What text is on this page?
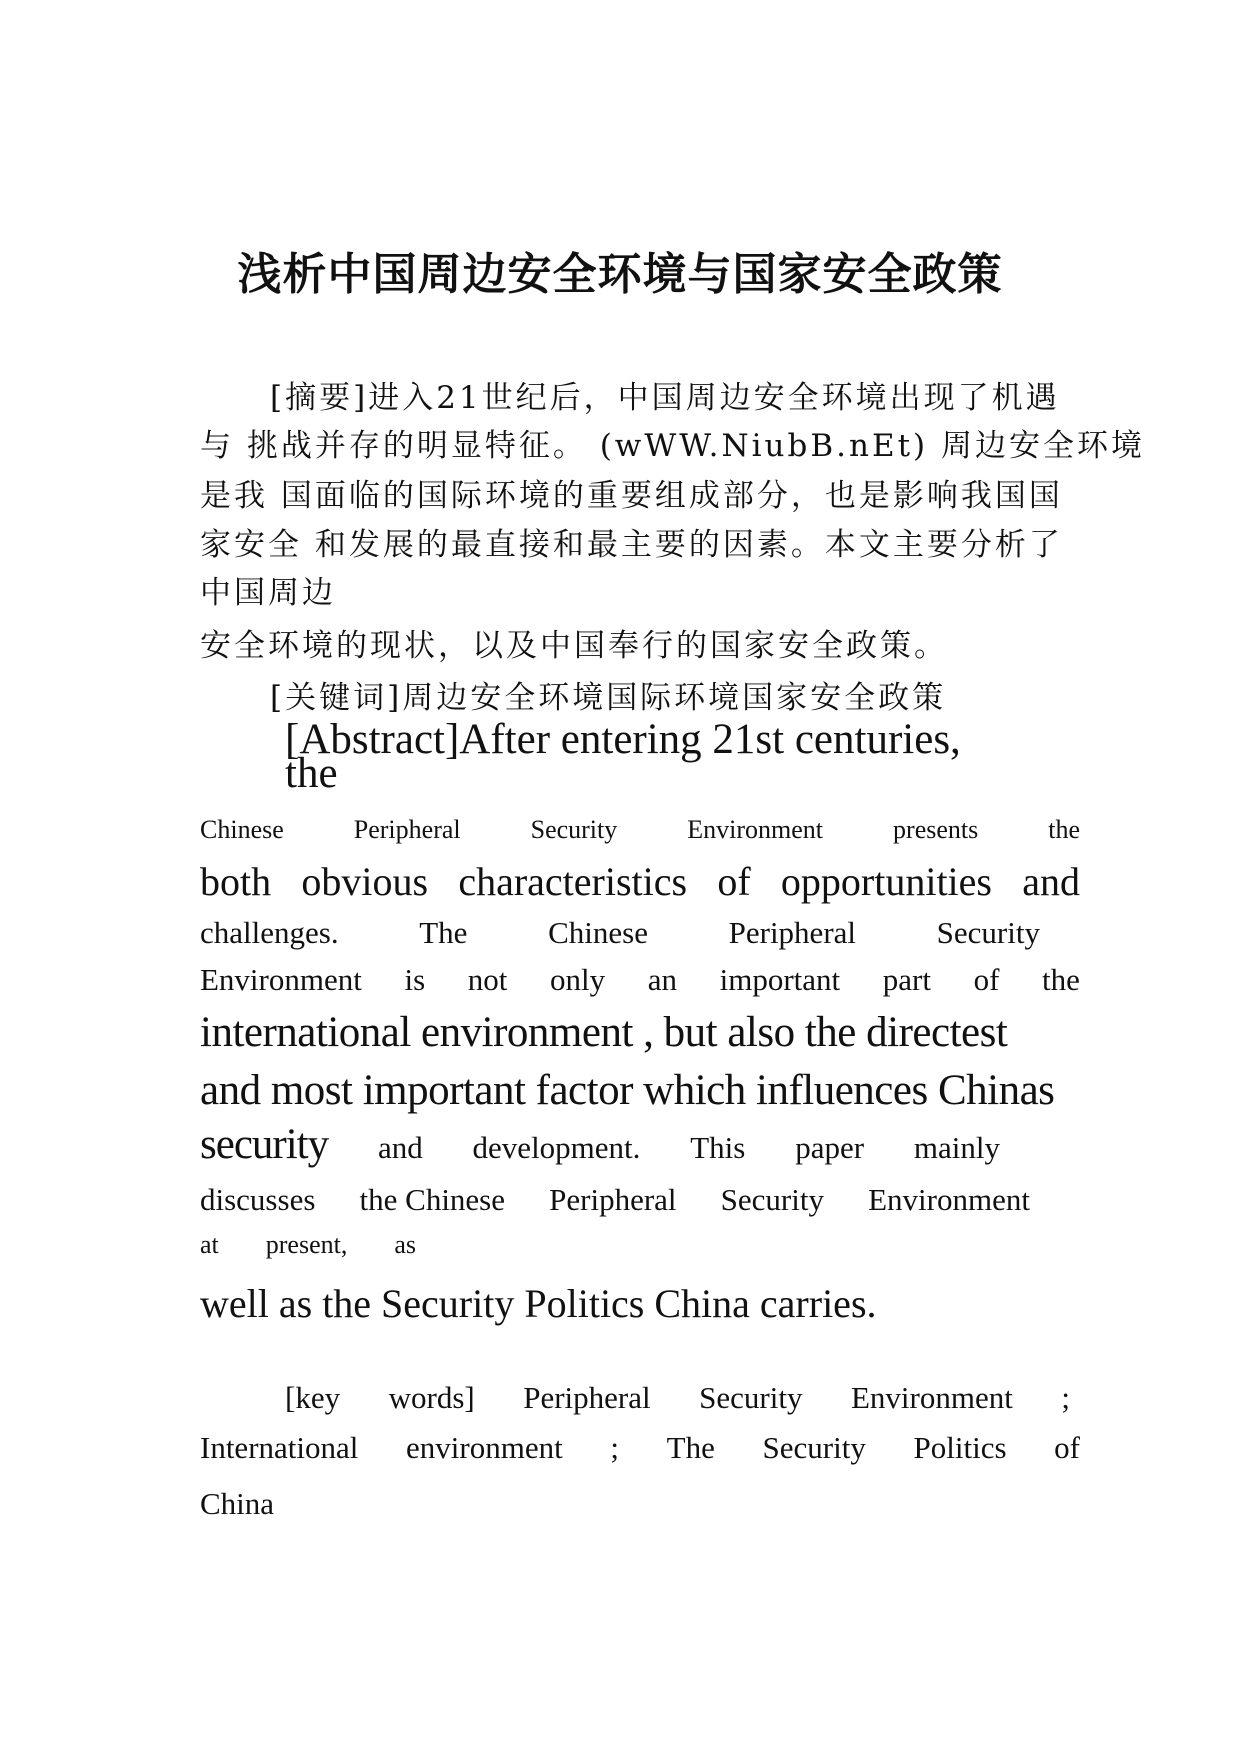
浅析中国周边安全环境与国家安全政策
[摘要]进入21世纪后，中国周边安全环境出现了机遇
与 挑战并存的明显特征。 (wWW.NiubB.nEt) 周边安全环境
是我 国面临的国际环境的重要组成部分，也是影响我国国
家安全 和发展的最直接和最主要的因素。本文主要分析了
中国周边
安全环境的现状，以及中国奉行的国家安全政策。
[关键词]周边安全环境国际环境国家安全政策
[Abstract]After entering 21st centuries,
the
Chinese	Peripheral	Security	Environment	presents	the
both obvious characteristics of opportunities and
challenges.	The	Chinese	Peripheral	Security
Environment is not only an important part of the
international environment , but also the directest
and most important factor which influences Chinas
security and development. This paper mainly
discusses the Chinese Peripheral Security Environment
at present, as
well as the Security Politics China carries.
[key words] Peripheral Security Environment ;
International environment ; The Security Politics of
China
